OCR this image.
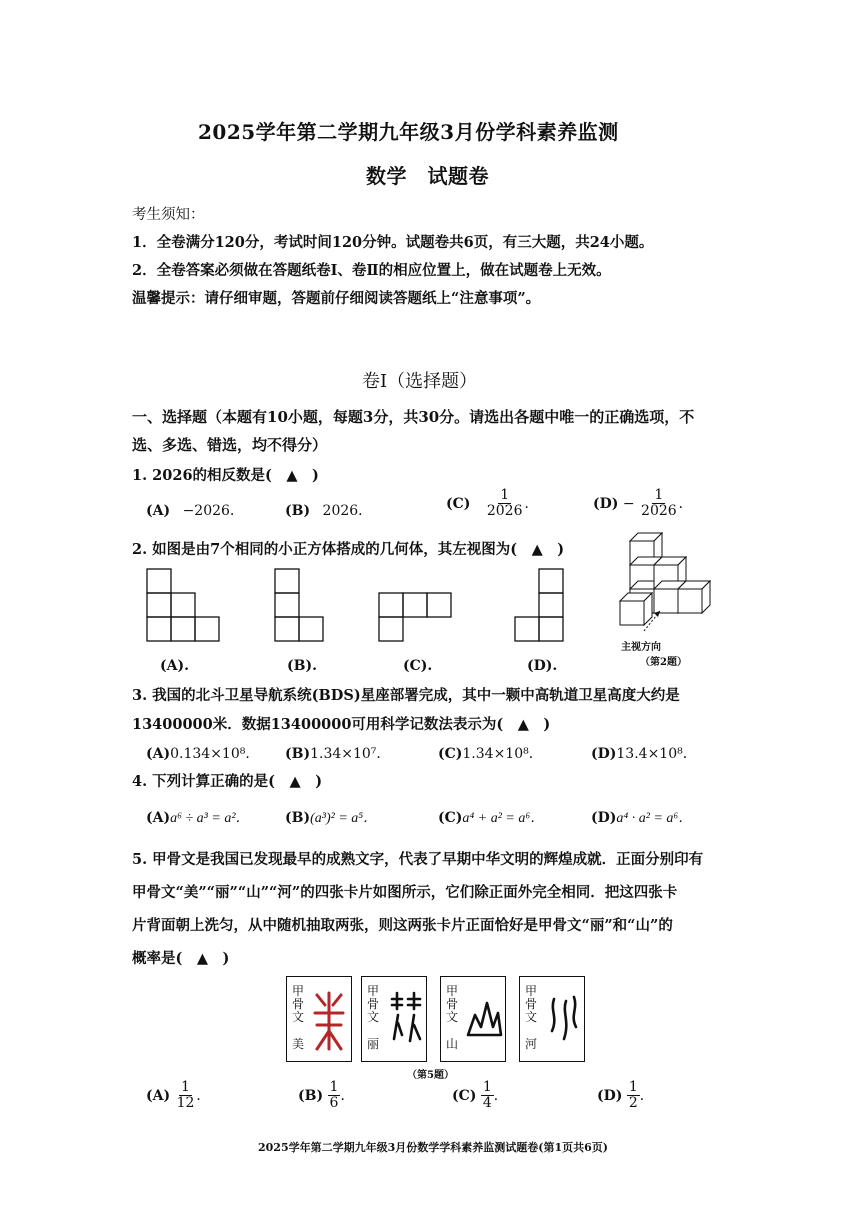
2025学年第二学期九年级3月份学科素养监测
数学　试题卷
考生须知：
1．全卷满分120分，考试时间120分钟。试题卷共6页，有三大题，共24小题。
2．全卷答案必须做在答题纸卷Ⅰ、卷Ⅱ的相应位置上，做在试题卷上无效。
温馨提示：请仔细审题，答题前仔细阅读答题纸上“注意事项”。
卷Ⅰ（选择题）
一、选择题（本题有10小题，每题3分，共30分。请选出各题中唯一的正确选项，不
选、多选、错选，均不得分）
1. 2026的相反数是(　▲　)
(A) −2026．	(B) 2026．	$(C) \frac{1}{2026}$ ．	$(D) - \frac{1}{2026}$ ．
2. 如图是由7个相同的小正方体搭成的几何体，其左视图为(　▲　)
(A).	(B).	(C).	(D).
主视方向
（第2题）
3. 我国的北斗卫星导航系统(BDS)星座部署完成，其中一颗中高轨道卫星高度大约是
13400000米．数据13400000可用科学记数法表示为(　▲　)
(A)0.134×10⁸． (B)1.34×10⁷．	(C)1.34×10⁸．	(D)13.4×10⁸．
4. 下列计算正确的是(　▲　)
(A)a⁶ ÷ a³ = a²．	(B)(a³)² = a⁵．	(C)a⁴ + a² = a⁶．	(D)a⁴ · a² = a⁶．
5. 甲骨文是我国已发现最早的成熟文字，代表了早期中华文明的辉煌成就．正面分别印有
甲骨文“美”“丽”“山”“河”的四张卡片如图所示，它们除正面外完全相同．把这四张卡
片背面朝上洗匀，从中随机抽取两张，则这两张卡片正面恰好是甲骨文“丽”和“山”的
概率是(　▲　)
甲骨文
美
甲骨文
丽
甲骨文
山
甲骨文
河
（第5题）
$(A) \frac{1}{12}$ ．	$(B) \frac{1}{6}$ ．	$(C) \frac{1}{4}$ ．	$(D) \frac{1}{2}$ ．
2025学年第二学期九年级3月份数学学科素养监测试题卷(第1页共6页)
